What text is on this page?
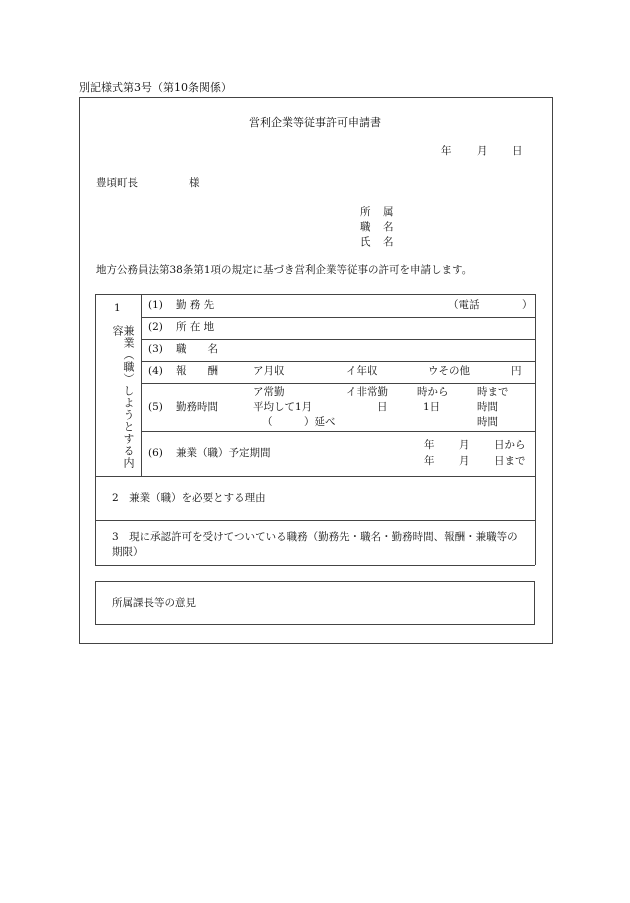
別記様式第3号（第10条関係）
営利企業等従事許可申請書
年 月 日
豊頃町長	様
所 属
職 名
氏 名
地方公務員法第38条第1項の規定に基づき営利企業等従事の許可を申請します。
1
兼業（職）しようとする内容
(1) 勤 務 先	（電話	）
(2) 所 在 地
(3) 職　　名
(4) 報　　酬	ア月収	イ年収	ウその他	円
(5) 勤務時間
ア常勤	イ非常勤	時から	時まで
平均して1月	日	1日	時間
（　　　）延べ	時間
(6) 兼業（職）予定期間
年 月 日から
年 月 日まで
2　兼業（職）を必要とする理由
3　現に承認許可を受けてついている職務（勤務先・職名・勤務時間、報酬・兼職等の期限）
所属課長等の意見
